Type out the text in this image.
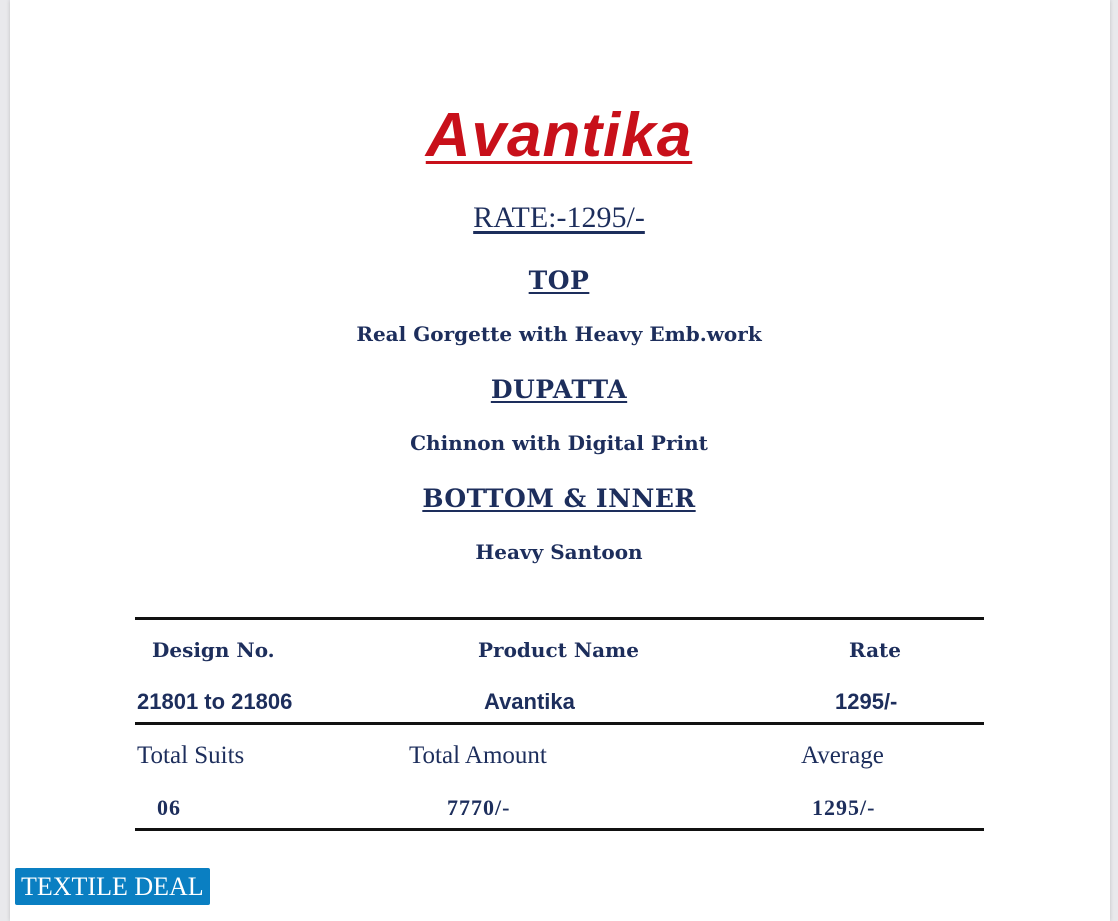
Avantika
RATE:-1295/-
TOP
Real Gorgette with Heavy Emb.work
DUPATTA
Chinnon with Digital Print
BOTTOM & INNER
Heavy Santoon
Design No.	Product Name	Rate
21801 to 21806	Avantika	1295/-
Total Suits	Total Amount	Average
06	7770/-	1295/-
TEXTILE DEAL
